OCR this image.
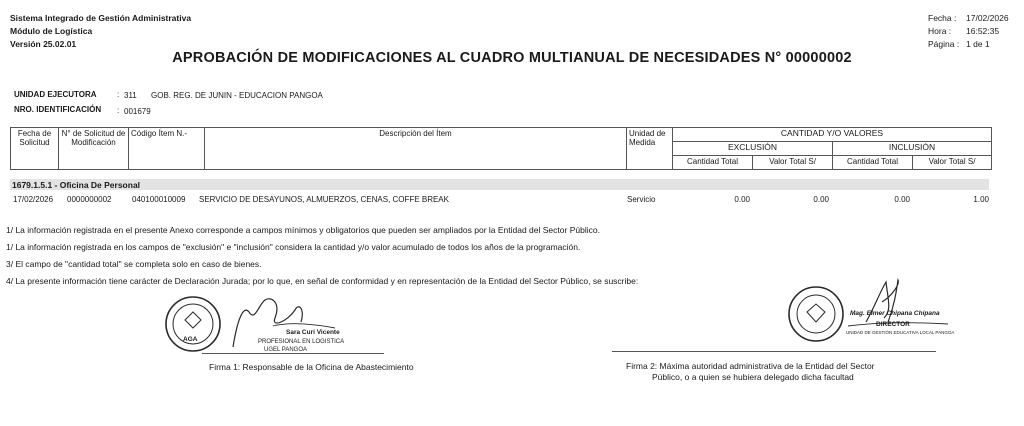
Sistema Integrado de Gestión Administrativa
Módulo de Logística
Versión 25.02.01
Fecha : 17/02/2026
Hora : 16:52:35
Página : 1 de 1
APROBACIÓN DE MODIFICACIONES AL CUADRO MULTIANUAL DE NECESIDADES N° 00000002
UNIDAD EJECUTORA	: 311 GOB. REG. DE JUNIN - EDUCACION PANGOA
NRO. IDENTIFICACIÓN : 001679
Fecha de Solicitud	N° de Solicitud de Modificación	Código Ítem N.-	Descripción del Ítem	Unidad de Medida	CANTIDAD Y/O VALORES			
					EXCLUSIÓN		INCLUSIÓN	
					Cantidad Total	Valor Total S/	Cantidad Total	Valor Total S/
1679.1.5.1 - Oficina De Personal
17/02/2026 0000000002	040100010009 SERVICIO DE DESAYUNOS, ALMUERZOS, CENAS, COFFE BREAK	Servicio	0.00	0.00	0.00	1.00
1/ La información registrada en el presente Anexo corresponde a campos mínimos y obligatorios que pueden ser ampliados por la Entidad del Sector Público.
1/ La información registrada en los campos de "exclusión" e "inclusión" considera la cantidad y/o valor acumulado de todos los años de la programación.
3/ El campo de "cantidad total" se completa solo en caso de bienes.
4/ La presente información tiene carácter de Declaración Jurada; por lo que, en señal de conformidad y en representación de la Entidad del Sector Público, se suscribe:
AGA
Sara Curi Vicente
PROFESIONAL EN LOGISTICA
UGEL PANGOA
Firma 1: Responsable de la Oficina de Abastecimiento
Mag. Elmer Chipana Chipana
DIRECTOR
UNIDAD DE GESTIÓN EDUCATIVA LOCAL PANGOA
Firma 2: Máxima autoridad administrativa de la Entidad del Sector
Público, o a quien se hubiera delegado dicha facultad
